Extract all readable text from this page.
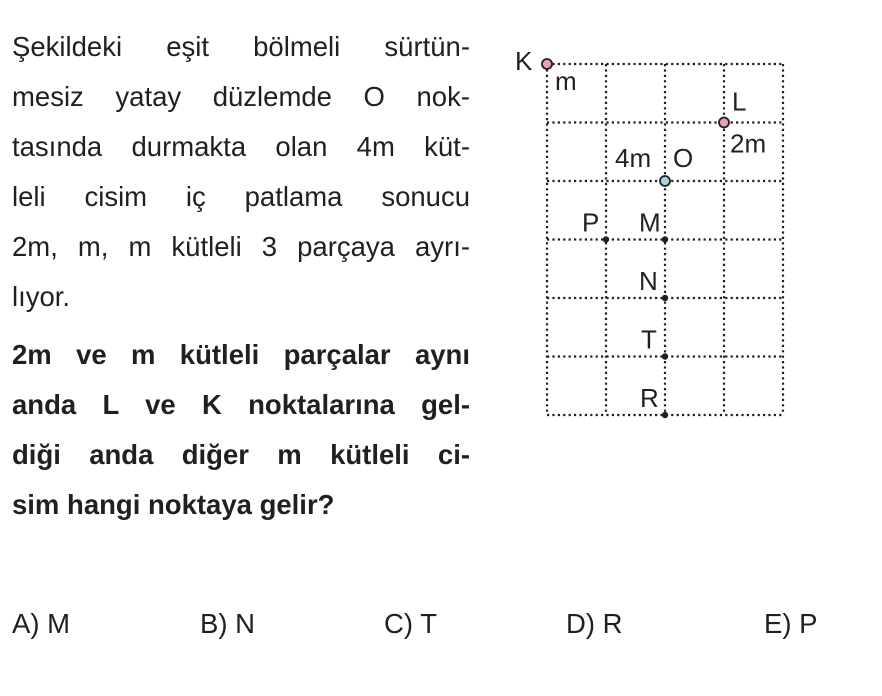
Şekildeki eşit bölmeli sürtün-
mesiz yatay düzlemde O nok-
tasında durmakta olan 4m küt-
leli cisim iç patlama sonucu
2m, m, m kütleli 3 parçaya ayrı-
lıyor.
2m ve m kütleli parçalar aynı
anda L ve K noktalarına gel-
diği anda diğer m kütleli ci-
sim hangi noktaya gelir?
K
m
L
2m
O
4m
P M
N
T
R
A) M	B) N	C) T	D) R	E) P
